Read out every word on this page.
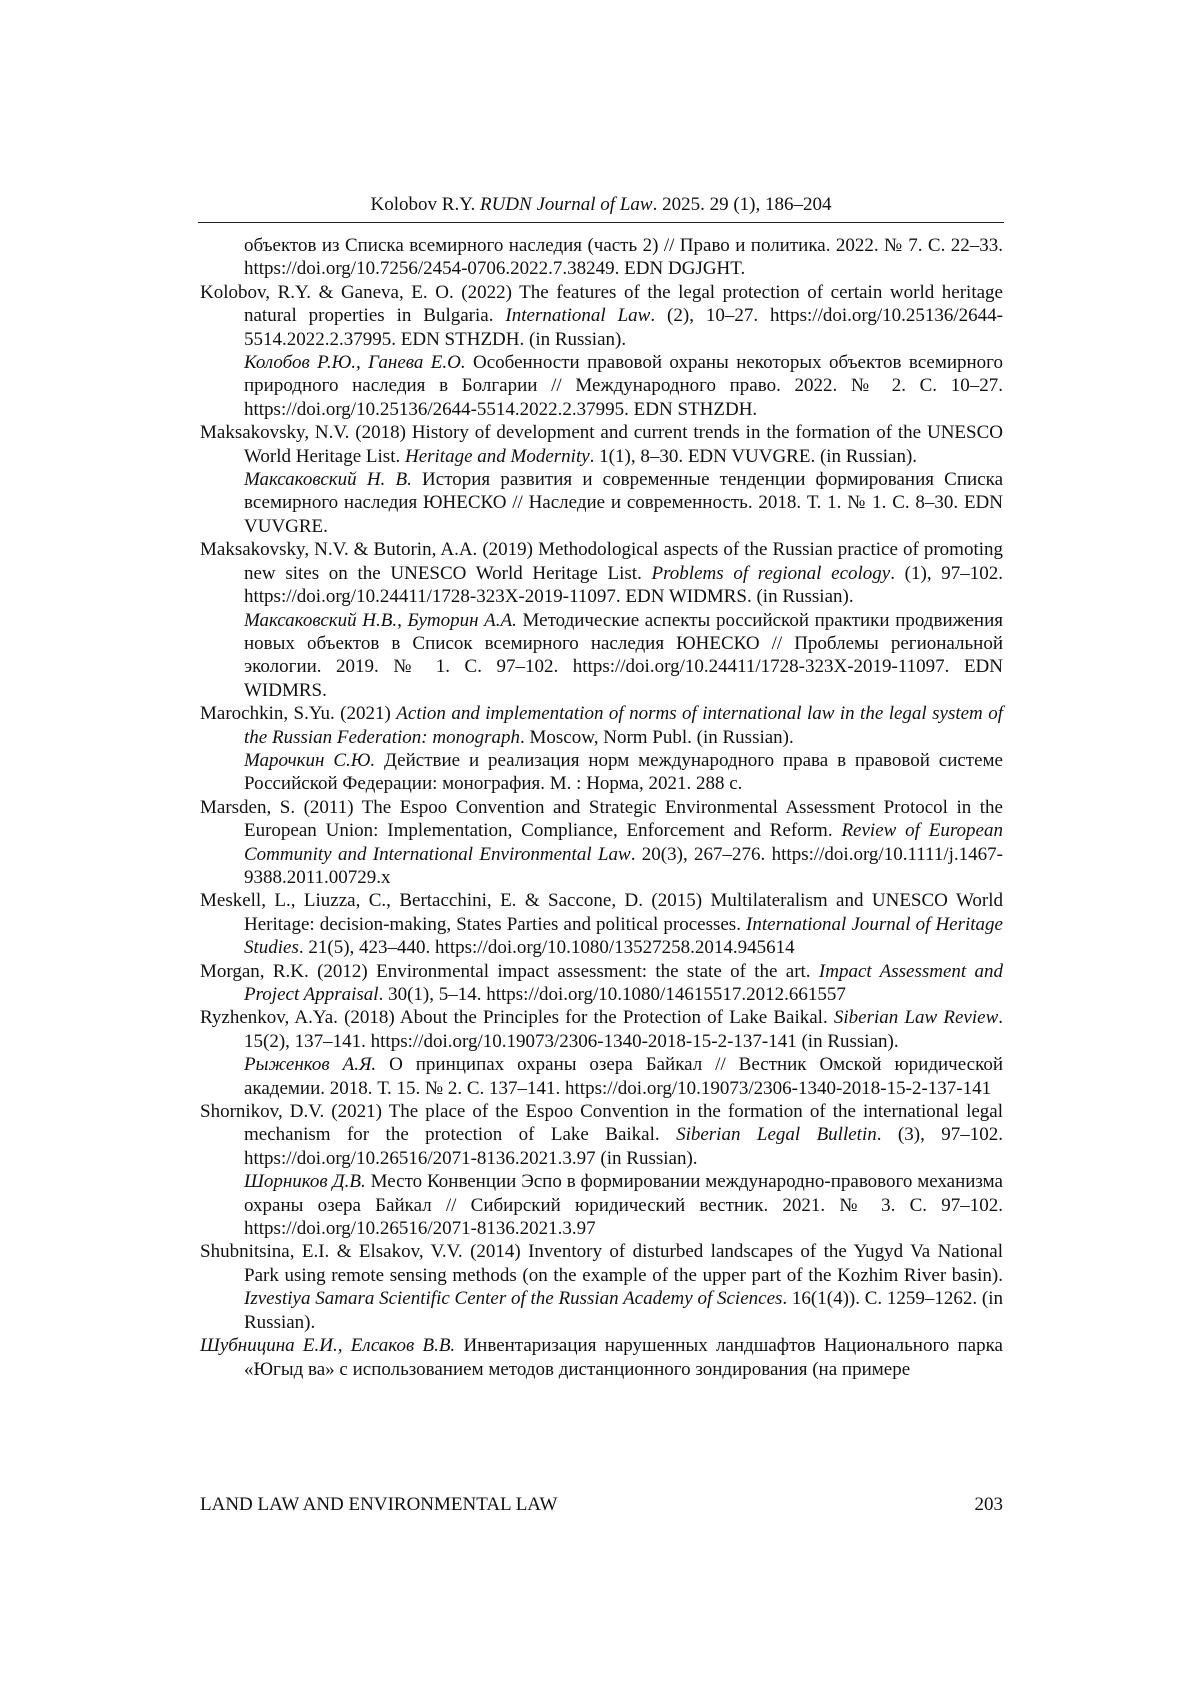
Kolobov R.Y. RUDN Journal of Law. 2025. 29 (1), 186–204

объектов из Списка всемирного наследия (часть 2) // Право и политика. 2022. № 7. С. 22–33. https://doi.org/10.7256/2454-0706.2022.7.38249. EDN DGJGHT.

Kolobov, R.Y. & Ganeva, E. O. (2022) The features of the legal protection of certain world heritage natural properties in Bulgaria. International Law. (2), 10–27. https://doi.org/10.25136/2644-5514.2022.2.37995. EDN STHZDH. (in Russian).

Колобов Р.Ю., Ганева Е.О. Особенности правовой охраны некоторых объектов всемирного природного наследия в Болгарии // Международного право. 2022. № 2. С. 10–27. https://doi.org/10.25136/2644-5514.2022.2.37995. EDN STHZDH.

Maksakovsky, N.V. (2018) History of development and current trends in the formation of the UNESCO World Heritage List. Heritage and Modernity. 1(1), 8–30. EDN VUVGRE. (in Russian).

Максаковский Н. В. История развития и современные тенденции формирования Списка всемирного наследия ЮНЕСКО // Наследие и современность. 2018. Т. 1. № 1. С. 8–30. EDN VUVGRE.

Maksakovsky, N.V. & Butorin, A.A. (2019) Methodological aspects of the Russian practice of promoting new sites on the UNESCO World Heritage List. Problems of regional ecology. (1), 97–102. https://doi.org/10.24411/1728-323X-2019-11097. EDN WIDMRS. (in Russian).

Максаковский Н.В., Буторин А.А. Методические аспекты российской практики продвижения новых объектов в Список всемирного наследия ЮНЕСКО // Проблемы региональной экологии. 2019. № 1. С. 97–102. https://doi.org/10.24411/1728-323X-2019-11097. EDN WIDMRS.

Marochkin, S.Yu. (2021) Action and implementation of norms of international law in the legal system of the Russian Federation: monograph. Moscow, Norm Publ. (in Russian).

Марочкин С.Ю. Действие и реализация норм международного права в правовой системе Российской Федерации: монография. М. : Норма, 2021. 288 с.

Marsden, S. (2011) The Espoo Convention and Strategic Environmental Assessment Protocol in the European Union: Implementation, Compliance, Enforcement and Reform. Review of European Community and International Environmental Law. 20(3), 267–276. https://doi.org/10.1111/j.1467-9388.2011.00729.x

Meskell, L., Liuzza, C., Bertacchini, E. & Saccone, D. (2015) Multilateralism and UNESCO World Heritage: decision-making, States Parties and political processes. International Journal of Heritage Studies. 21(5), 423–440. https://doi.org/10.1080/13527258.2014.945614

Morgan, R.K. (2012) Environmental impact assessment: the state of the art. Impact Assessment and Project Appraisal. 30(1), 5–14. https://doi.org/10.1080/14615517.2012.661557

Ryzhenkov, A.Ya. (2018) About the Principles for the Protection of Lake Baikal. Siberian Law Review. 15(2), 137–141. https://doi.org/10.19073/2306-1340-2018-15-2-137-141 (in Russian).

Рыженков А.Я. О принципах охраны озера Байкал // Вестник Омской юридической академии. 2018. Т. 15. № 2. С. 137–141. https://doi.org/10.19073/2306-1340-2018-15-2-137-141

Shornikov, D.V. (2021) The place of the Espoo Convention in the formation of the international legal mechanism for the protection of Lake Baikal. Siberian Legal Bulletin. (3), 97–102. https://doi.org/10.26516/2071-8136.2021.3.97 (in Russian).

Шорников Д.В. Место Конвенции Эспо в формировании международно-правового механизма охраны озера Байкал // Сибирский юридический вестник. 2021. № 3. С. 97–102. https://doi.org/10.26516/2071-8136.2021.3.97

Shubnitsina, E.I. & Elsakov, V.V. (2014) Inventory of disturbed landscapes of the Yugyd Va National Park using remote sensing methods (on the example of the upper part of the Kozhim River basin). Izvestiya Samara Scientific Center of the Russian Academy of Sciences. 16(1(4)). С. 1259–1262. (in Russian).

Шубницина Е.И., Елсаков В.В. Инвентаризация нарушенных ландшафтов Национального парка «Югыд ва» с использованием методов дистанционного зондирования (на примере

LAND LAW AND ENVIRONMENTAL LAW	203
